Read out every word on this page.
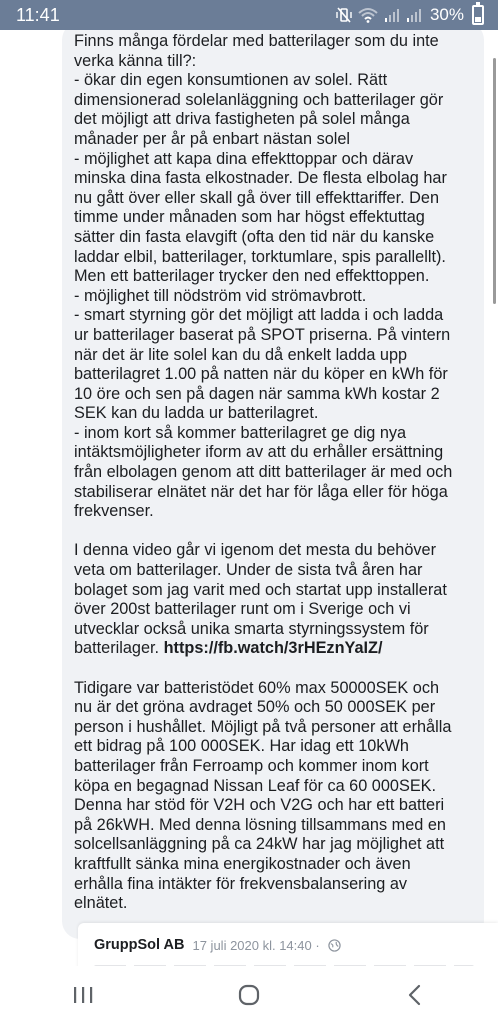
11:41	30%

Finns många fördelar med batterilager som du inte
verka känna till?:
- ökar din egen konsumtionen av solel. Rätt
dimensionerad solelanläggning och batterilager gör
det möjligt att driva fastigheten på solel många
månader per år på enbart nästan solel
- möjlighet att kapa dina effekttoppar och därav
minska dina fasta elkostnader. De flesta elbolag har
nu gått över eller skall gå över till effekttariffer. Den
timme under månaden som har högst effektuttag
sätter din fasta elavgift (ofta den tid när du kanske
laddar elbil, batterilager, torktumlare, spis parallellt).
Men ett batterilager trycker den ned effekttoppen.
- möjlighet till nödström vid strömavbrott.
- smart styrning gör det möjligt att ladda i och ladda
ur batterilager baserat på SPOT priserna. På vintern
när det är lite solel kan du då enkelt ladda upp
batterilagret 1.00 på natten när du köper en kWh för
10 öre och sen på dagen när samma kWh kostar 2
SEK kan du ladda ur batterilagret.
- inom kort så kommer batterilagret ge dig nya
intäktsmöjligheter iform av att du erhåller ersättning
från elbolagen genom att ditt batterilager är med och
stabiliserar elnätet när det har för låga eller för höga
frekvenser.

I denna video går vi igenom det mesta du behöver
veta om batterilager. Under de sista två åren har
bolaget som jag varit med och startat upp installerat
över 200st batterilager runt om i Sverige och vi
utvecklar också unika smarta styrningssystem för
batterilager. https://fb.watch/3rHEznYaIZ/

Tidigare var batteristödet 60% max 50000SEK och
nu är det gröna avdraget 50% och 50 000SEK per
person i hushållet. Möjligt på två personer att erhålla
ett bidrag på 100 000SEK. Har idag ett 10kWh
batterilager från Ferroamp och kommer inom kort
köpa en begagnad Nissan Leaf för ca 60 000SEK.
Denna har stöd för V2H och V2G och har ett batteri
på 26kWH. Med denna lösning tillsammans med en
solcellsanläggning på ca 24kW har jag möjlighet att
kraftfullt sänka mina energikostnader och även
erhålla fina intäkter för frekvensbalansering av
elnätet.

GruppSol AB 17 juli 2020 kl. 14:40 ·
